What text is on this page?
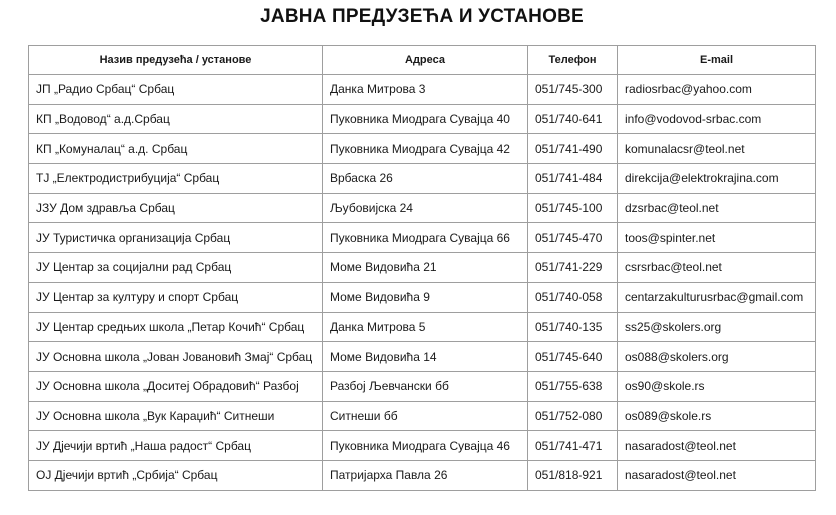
ЈАВНА ПРЕДУЗЕЋА И УСТАНОВЕ
Назив предузећа / установе	Адреса	Телефон	E-mail
ЈП „Радио Србац“ Србац	Данка Митрова 3	051/745-300	radiosrbac@yahoo.com
КП „Водовод“ а.д.Србац	Пуковника Миодрага Сувајца 40	051/740-641	info@vodovod-srbac.com
КП „Комуналац“ а.д. Србац	Пуковника Миодрага Сувајца 42	051/741-490	komunalacsr@teol.net
ТЈ „Електродистрибуција“ Србац	Врбаска 26	051/741-484	direkcija@elektrokrajina.com
ЈЗУ Дом здравља Србац	Љубовијска 24	051/745-100	dzsrbac@teol.net
ЈУ Туристичка организација Србац	Пуковника Миодрага Сувајца 66	051/745-470	toos@spinter.net
ЈУ Центар за социјални рад Србац	Моме Видовића 21	051/741-229	csrsrbac@teol.net
ЈУ Центар за културу и спорт Србац	Моме Видовића 9	051/740-058	centarzakulturusrbac@gmail.com
ЈУ Центар средњих школа „Петар Кочић“ Србац	Данка Митрова 5	051/740-135	ss25@skolers.org
ЈУ Основна школа „Јован Јовановић Змај“ Србац	Моме Видовића 14	051/745-640	os088@skolers.org
ЈУ Основна школа „Доситеј Обрадовић“ Разбој	Разбој Љевчански бб	051/755-638	os90@skole.rs
ЈУ Основна школа „Вук Караџић“ Ситнеши	Ситнеши бб	051/752-080	os089@skole.rs
ЈУ Дјечији вртић „Наша радост“ Србац	Пуковника Миодрага Сувајца 46	051/741-471	nasaradost@teol.net
ОЈ Дјечији вртић „Србија“ Србац	Патријарха Павла 26	051/818-921	nasaradost@teol.net
